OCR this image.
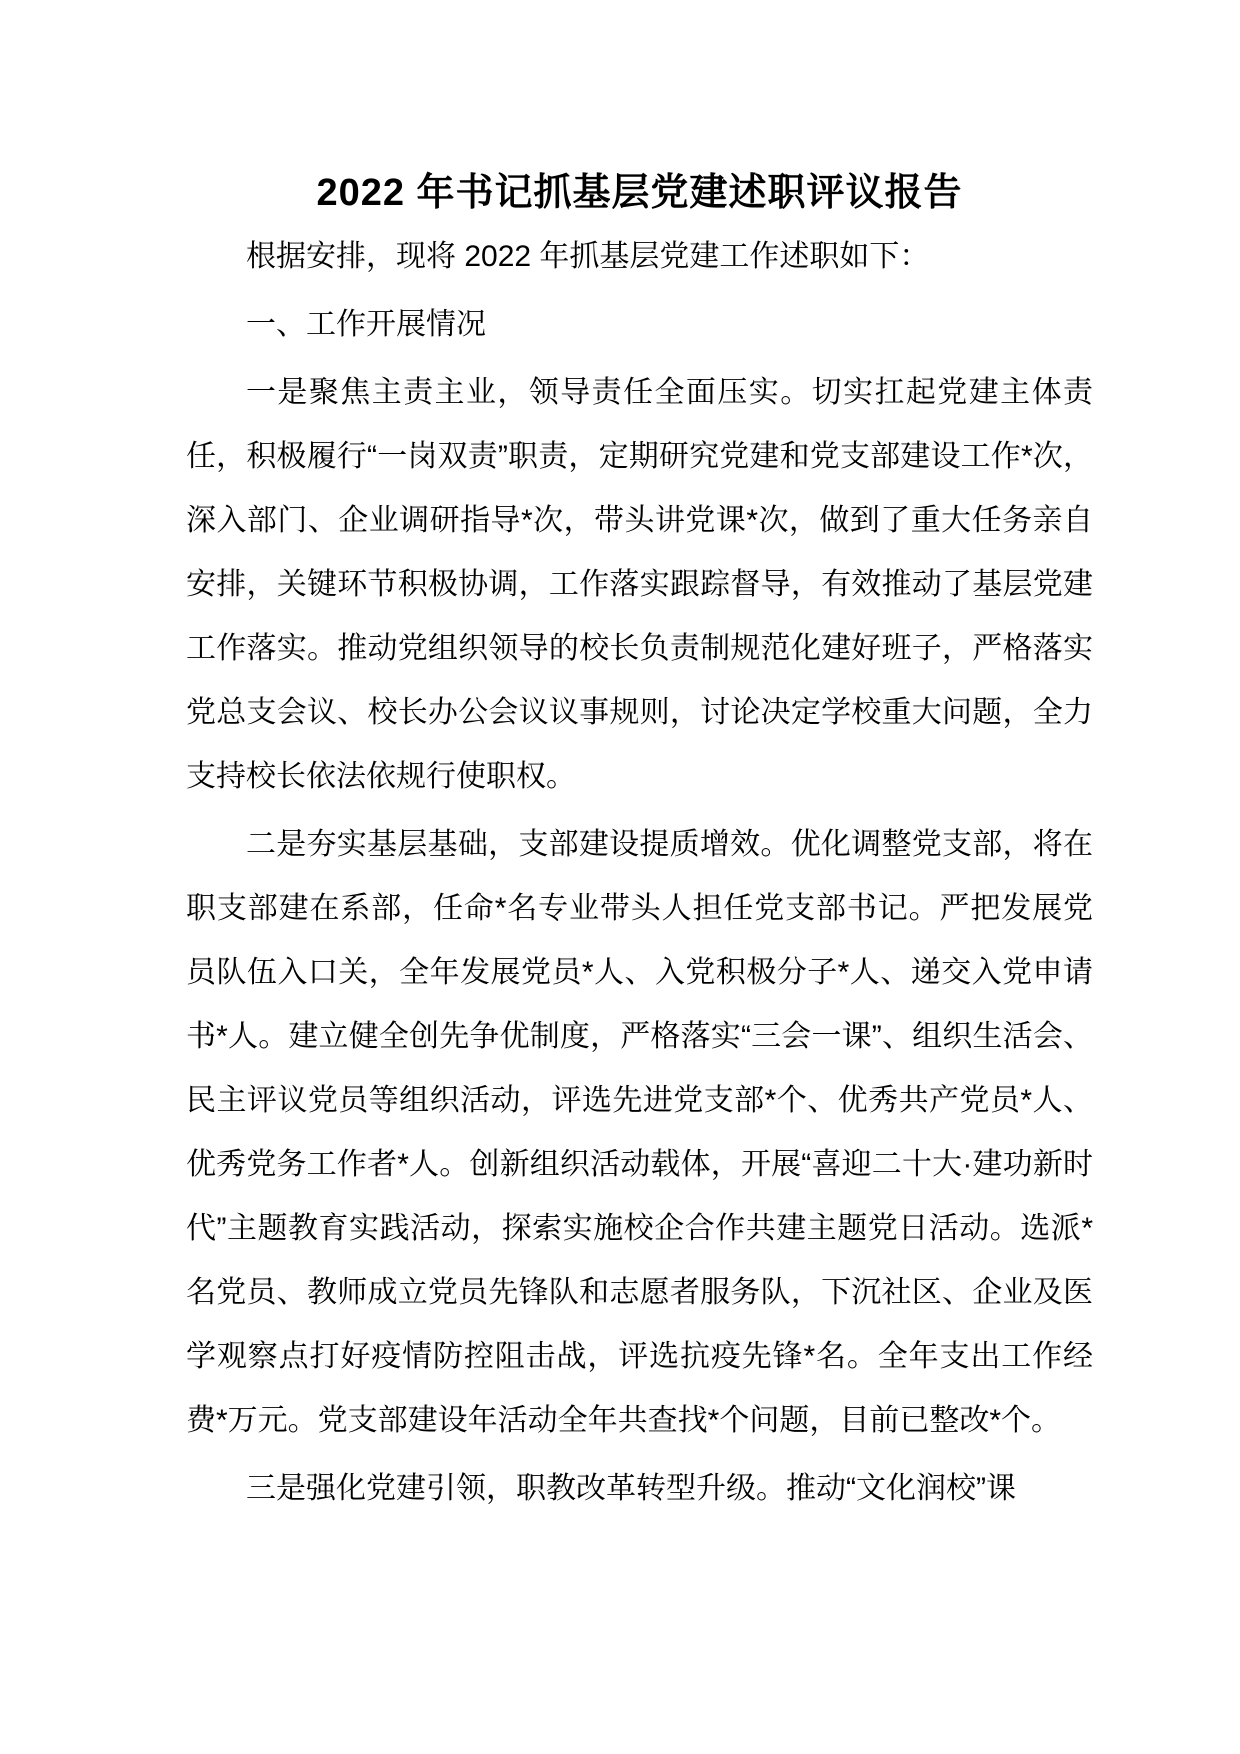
2022 年书记抓基层党建述职评议报告

根据安排，现将 2022 年抓基层党建工作述职如下：

一、工作开展情况

一是聚焦主责主业，领导责任全面压实。切实扛起党建主体责任，积极履行“一岗双责”职责，定期研究党建和党支部建设工作*次，深入部门、企业调研指导*次，带头讲党课*次，做到了重大任务亲自安排，关键环节积极协调，工作落实跟踪督导，有效推动了基层党建工作落实。推动党组织领导的校长负责制规范化建好班子，严格落实党总支会议、校长办公会议议事规则，讨论决定学校重大问题，全力支持校长依法依规行使职权。

二是夯实基层基础，支部建设提质增效。优化调整党支部，将在职支部建在系部，任命*名专业带头人担任党支部书记。严把发展党员队伍入口关，全年发展党员*人、入党积极分子*人、递交入党申请书*人。建立健全创先争优制度，严格落实“三会一课”、组织生活会、民主评议党员等组织活动，评选先进党支部*个、优秀共产党员*人、优秀党务工作者*人。创新组织活动载体，开展“喜迎二十大·建功新时代”主题教育实践活动，探索实施校企合作共建主题党日活动。选派*名党员、教师成立党员先锋队和志愿者服务队，下沉社区、企业及医学观察点打好疫情防控阻击战，评选抗疫先锋*名。全年支出工作经费*万元。党支部建设年活动全年共查找*个问题，目前已整改*个。

三是强化党建引领，职教改革转型升级。推动“文化润校”课
